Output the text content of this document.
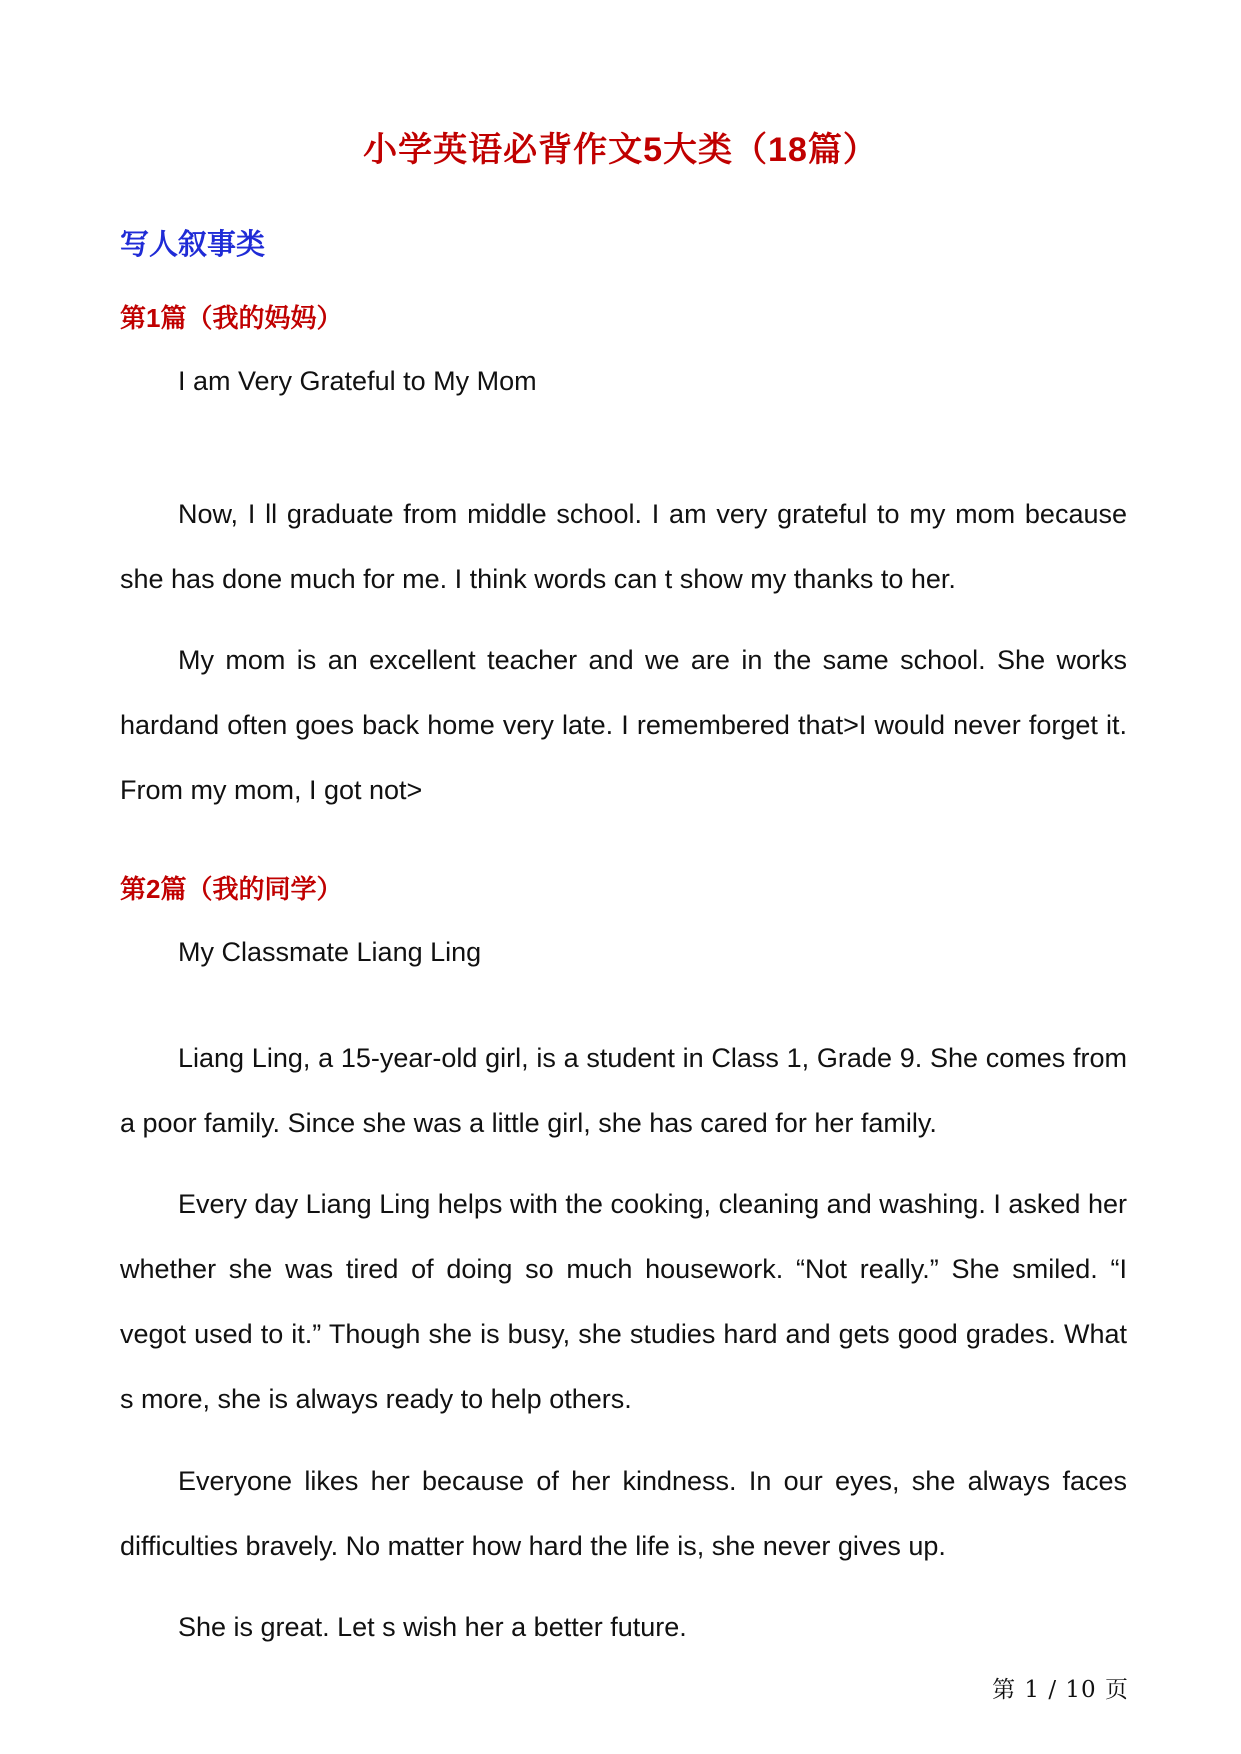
小学英语必背作文5大类（18篇）
写人叙事类
第1篇（我的妈妈）

I am Very Grateful to My Mom

Now, I ll graduate from middle school. I am very grateful to my mom because she has done much for me. I think words can t show my thanks to her.

My mom is an excellent teacher and we are in the same school. She works hardand often goes back home very late. I remembered that>I would never forget it. From my mom, I got not>

第2篇（我的同学）

My Classmate Liang Ling

Liang Ling, a 15-year-old girl, is a student in Class 1, Grade 9. She comes from a poor family. Since she was a little girl, she has cared for her family.

Every day Liang Ling helps with the cooking, cleaning and washing. I asked her whether she was tired of doing so much housework. “Not really.” She smiled. “I vegot used to it.” Though she is busy, she studies hard and gets good grades. What s more, she is always ready to help others.

Everyone likes her because of her kindness. In our eyes, she always faces difficulties bravely. No matter how hard the life is, she never gives up.

She is great. Let s wish her a better future.

第 1 / 10 页
